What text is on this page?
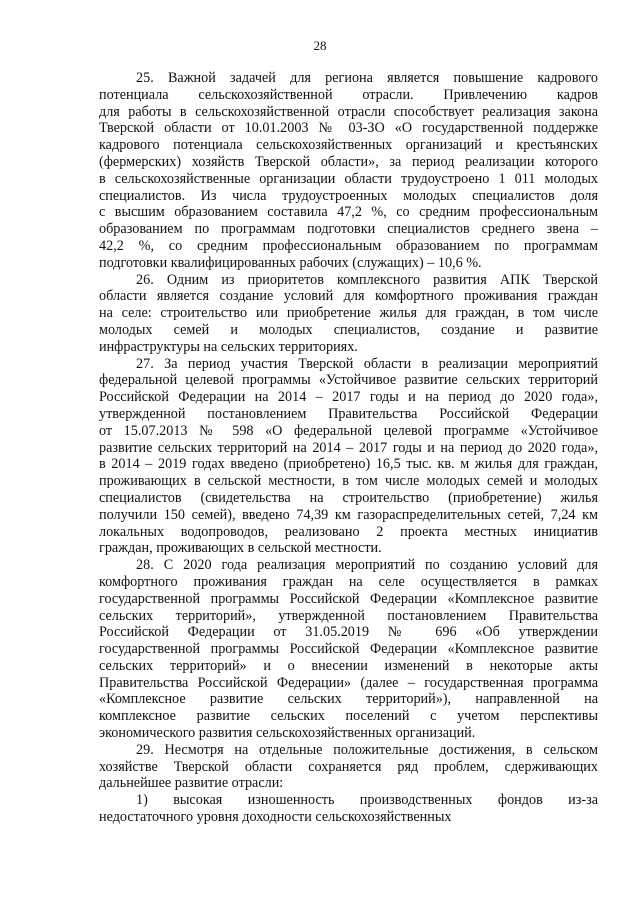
28

25. Важной задачей для региона является повышение кадрового
потенциала сельскохозяйственной отрасли. Привлечению кадров
для работы в сельскохозяйственной отрасли способствует реализация закона
Тверской области от 10.01.2003 № 03-ЗО «О государственной поддержке
кадрового потенциала сельскохозяйственных организаций и крестьянских
(фермерских) хозяйств Тверской области», за период реализации которого
в сельскохозяйственные организации области трудоустроено 1 011 молодых
специалистов. Из числа трудоустроенных молодых специалистов доля
с высшим образованием составила 47,2 %, со средним профессиональным
образованием по программам подготовки специалистов среднего звена –
42,2 %, со средним профессиональным образованием по программам
подготовки квалифицированных рабочих (служащих) – 10,6 %.

26. Одним из приоритетов комплексного развития АПК Тверской
области является создание условий для комфортного проживания граждан
на селе: строительство или приобретение жилья для граждан, в том числе
молодых семей и молодых специалистов, создание и развитие
инфраструктуры на сельских территориях.

27. За период участия Тверской области в реализации мероприятий
федеральной целевой программы «Устойчивое развитие сельских территорий
Российской Федерации на 2014 – 2017 годы и на период до 2020 года»,
утвержденной постановлением Правительства Российской Федерации
от 15.07.2013 № 598 «О федеральной целевой программе «Устойчивое
развитие сельских территорий на 2014 – 2017 годы и на период до 2020 года»,
в 2014 – 2019 годах введено (приобретено) 16,5 тыс. кв. м жилья для граждан,
проживающих в сельской местности, в том числе молодых семей и молодых
специалистов (свидетельства на строительство (приобретение) жилья
получили 150 семей), введено 74,39 км газораспределительных сетей, 7,24 км
локальных водопроводов, реализовано 2 проекта местных инициатив
граждан, проживающих в сельской местности.

28. С 2020 года реализация мероприятий по созданию условий для
комфортного проживания граждан на селе осуществляется в рамках
государственной программы Российской Федерации «Комплексное развитие
сельских территорий», утвержденной постановлением Правительства
Российской Федерации от 31.05.2019 № 696 «Об утверждении
государственной программы Российской Федерации «Комплексное развитие
сельских территорий» и о внесении изменений в некоторые акты
Правительства Российской Федерации» (далее – государственная программа
«Комплексное развитие сельских территорий»), направленной на
комплексное развитие сельских поселений с учетом перспективы
экономического развития сельскохозяйственных организаций.

29. Несмотря на отдельные положительные достижения, в сельском
хозяйстве Тверской области сохраняется ряд проблем, сдерживающих
дальнейшее развитие отрасли:

1) высокая изношенность производственных фондов из-за
недостаточного уровня доходности сельскохозяйственных
